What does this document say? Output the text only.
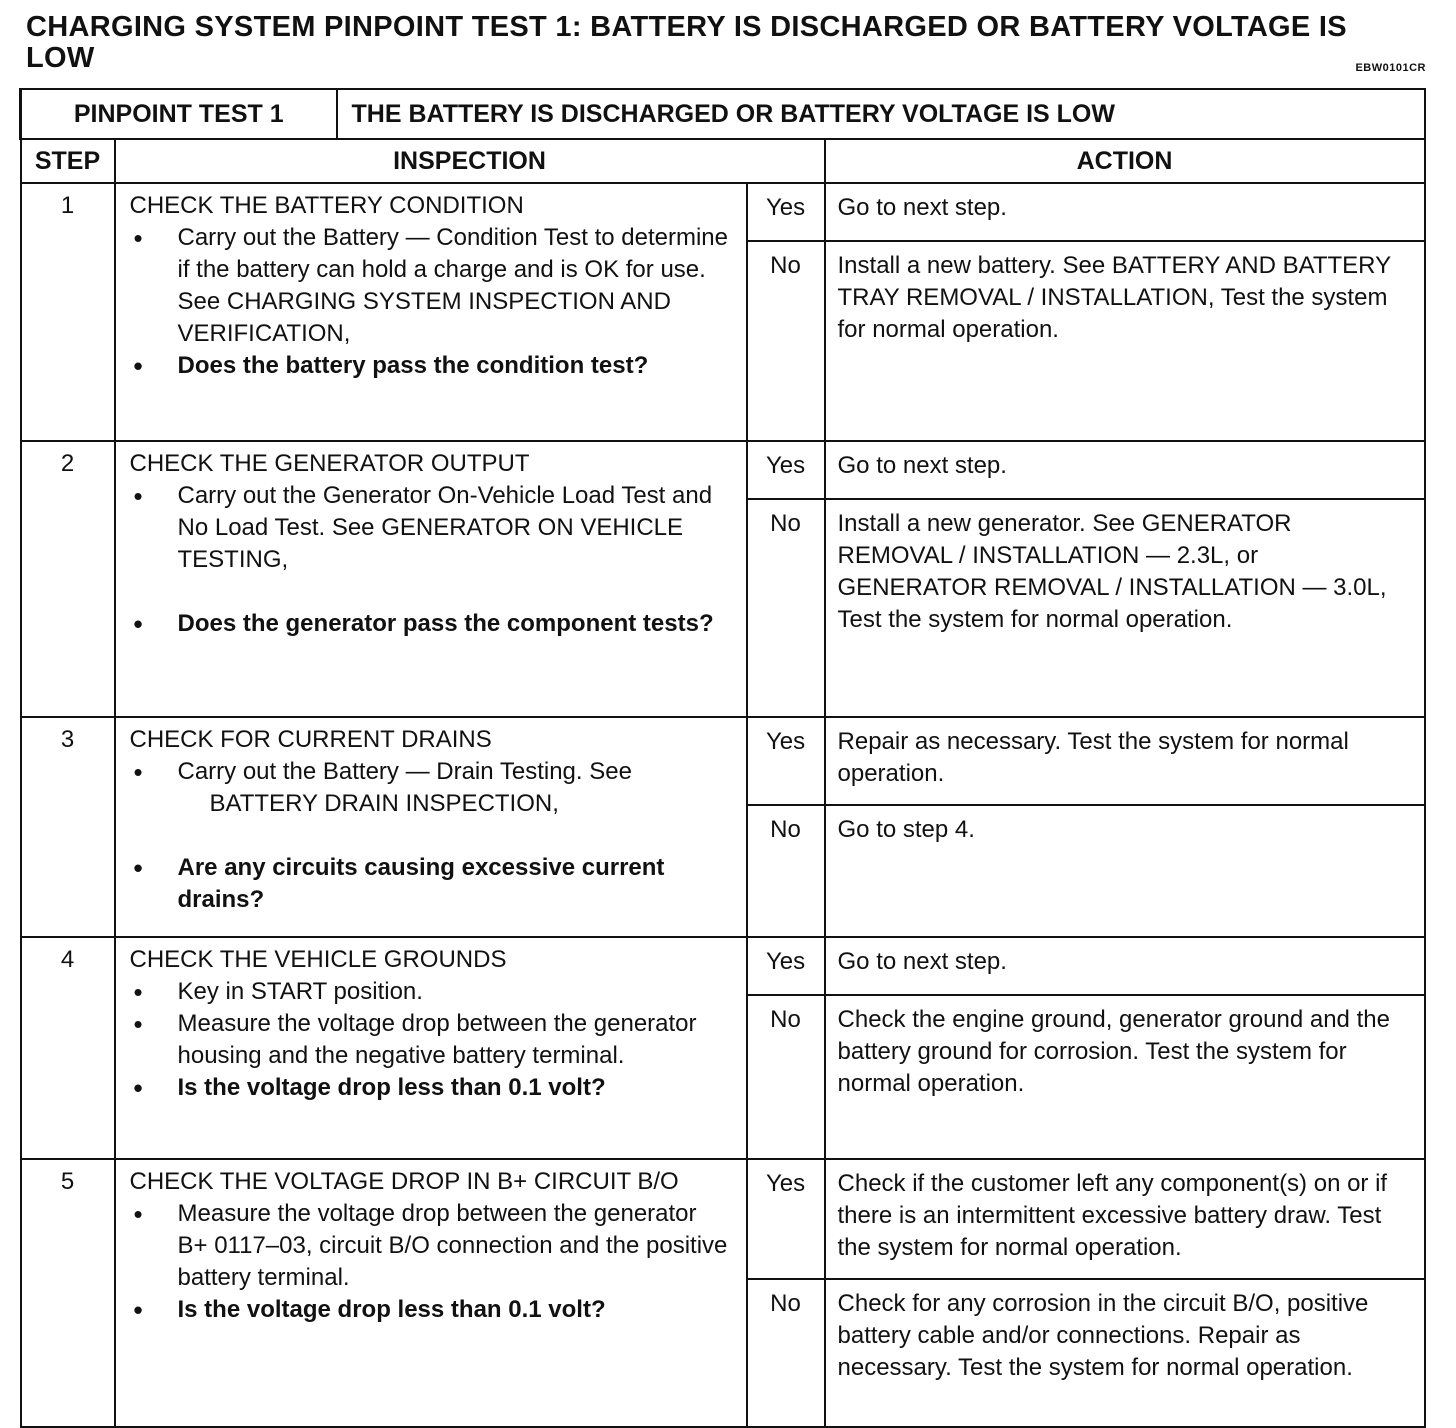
CHARGING SYSTEM PINPOINT TEST 1: BATTERY IS DISCHARGED OR BATTERY VOLTAGE IS LOW	EBW0101CR
PINPOINT TEST 1		THE BATTERY IS DISCHARGED OR BATTERY VOLTAGE IS LOW		
STEP	INSPECTION			ACTION
1	CHECK THE BATTERY CONDITION
• Carry out the Battery — Condition Test to determine if the battery can hold a charge and is OK for use. See CHARGING SYSTEM INSPECTION AND VERIFICATION,
• Does the battery pass the condition test?		Yes	Go to next step.
			No	Install a new battery. See BATTERY AND BATTERY TRAY REMOVAL / INSTALLATION, Test the system for normal operation.
2	CHECK THE GENERATOR OUTPUT
• Carry out the Generator On-Vehicle Load Test and No Load Test. See GENERATOR ON VEHICLE TESTING,
• Does the generator pass the component tests?		Yes	Go to next step.
			No	Install a new generator. See GENERATOR REMOVAL / INSTALLATION — 2.3L, or GENERATOR REMOVAL / INSTALLATION — 3.0L, Test the system for normal operation.
3	CHECK FOR CURRENT DRAINS
• Carry out the Battery — Drain Testing. See
BATTERY DRAIN INSPECTION,
• Are any circuits causing excessive current drains?		Yes	Repair as necessary. Test the system for normal operation.
			No	Go to step 4.
4	CHECK THE VEHICLE GROUNDS
• Key in START position.
• Measure the voltage drop between the generator housing and the negative battery terminal.
• Is the voltage drop less than 0.1 volt?		Yes	Go to next step.
			No	Check the engine ground, generator ground and the battery ground for corrosion. Test the system for normal operation.
5	CHECK THE VOLTAGE DROP IN B+ CIRCUIT B/O
• Measure the voltage drop between the generator B+ 0117–03, circuit B/O connection and the positive battery terminal.
• Is the voltage drop less than 0.1 volt?		Yes	Check if the customer left any component(s) on or if there is an intermittent excessive battery draw. Test the system for normal operation.
			No	Check for any corrosion in the circuit B/O, positive battery cable and/or connections. Repair as necessary. Test the system for normal operation.
